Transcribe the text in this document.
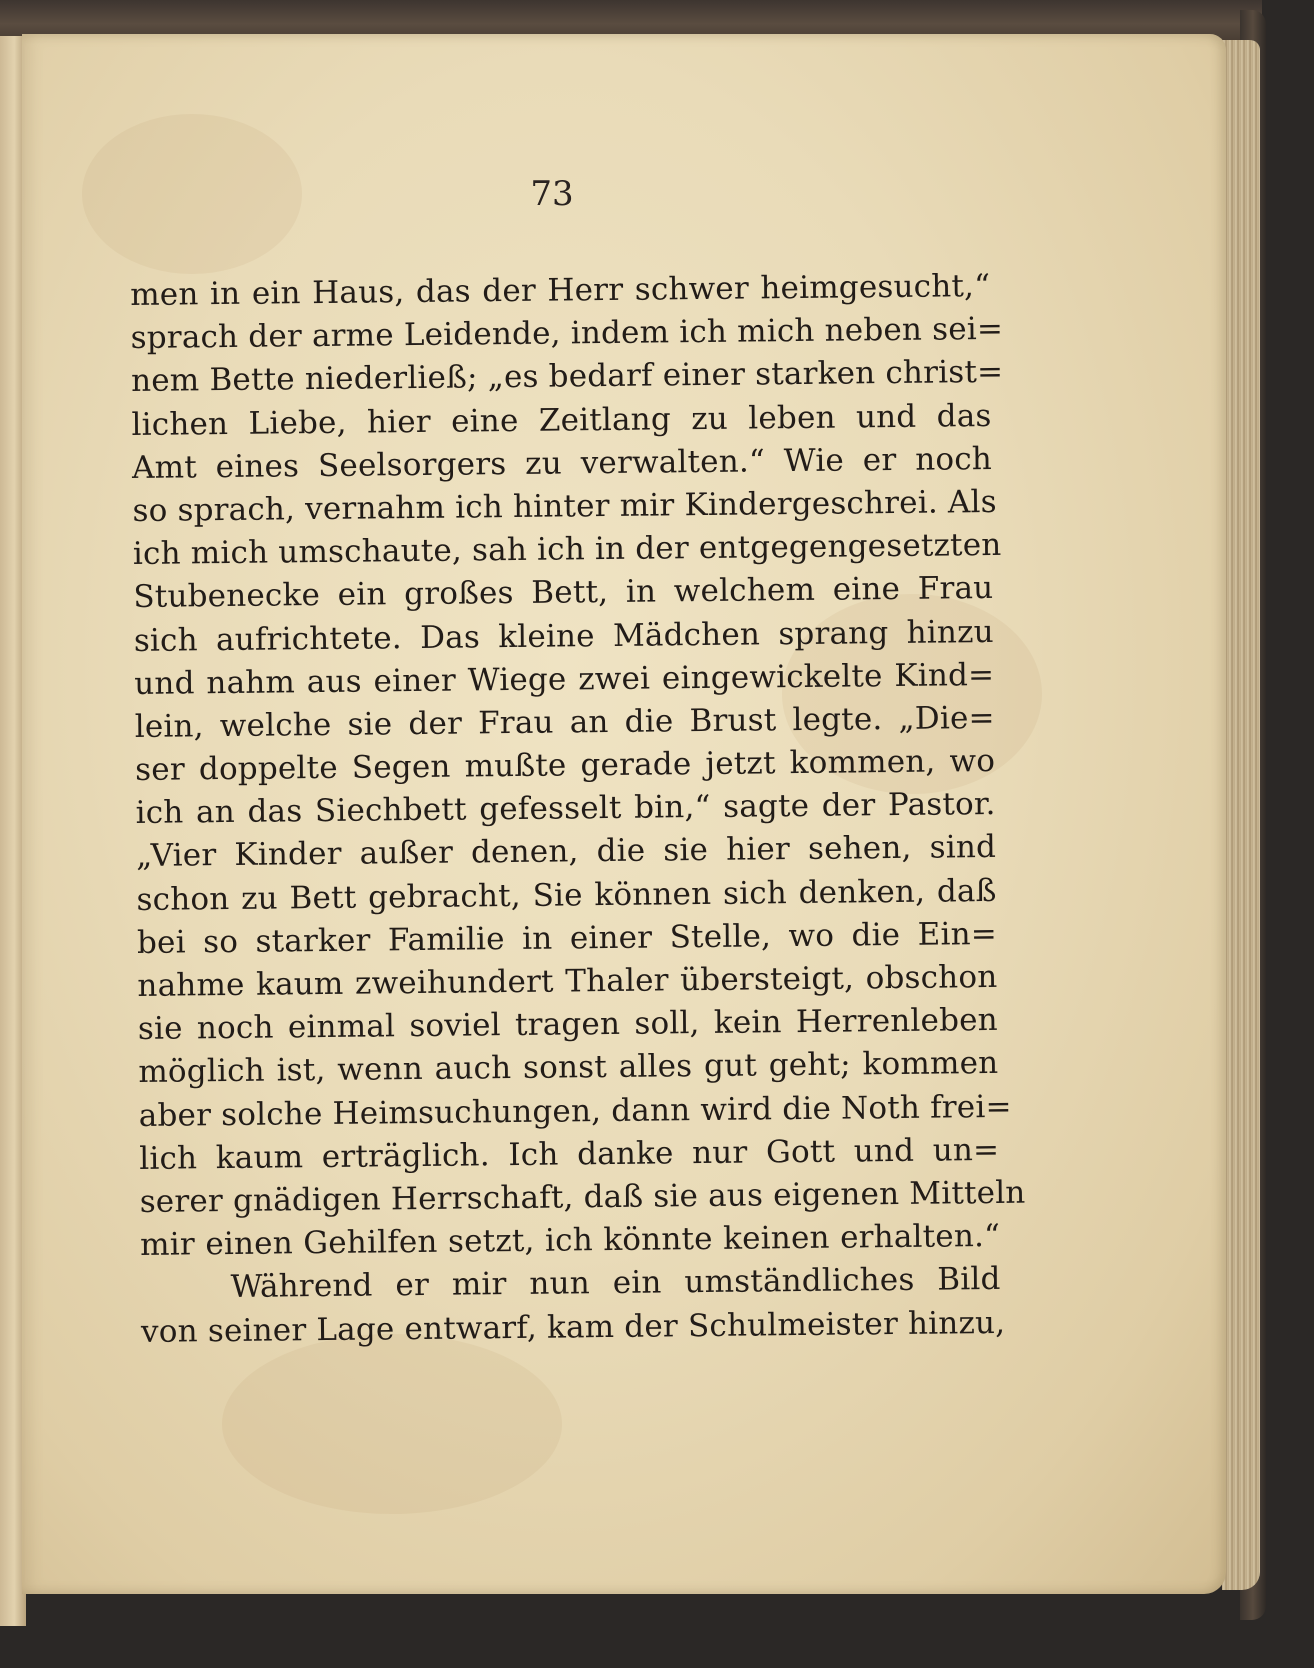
73
men in ein Haus, das der Herr schwer heimgesucht,“
sprach der arme Leidende, indem ich mich neben sei=
nem Bette niederließ; „es bedarf einer starken christ=
lichen Liebe, hier eine Zeitlang zu leben und das
Amt eines Seelsorgers zu verwalten.“ Wie er noch
so sprach, vernahm ich hinter mir Kindergeschrei. Als
ich mich umschaute, sah ich in der entgegengesetzten
Stubenecke ein großes Bett, in welchem eine Frau
sich aufrichtete. Das kleine Mädchen sprang hinzu
und nahm aus einer Wiege zwei eingewickelte Kind=
lein, welche sie der Frau an die Brust legte. „Die=
ser doppelte Segen mußte gerade jetzt kommen, wo
ich an das Siechbett gefesselt bin,“ sagte der Pastor.
„Vier Kinder außer denen, die sie hier sehen, sind
schon zu Bett gebracht, Sie können sich denken, daß
bei so starker Familie in einer Stelle, wo die Ein=
nahme kaum zweihundert Thaler übersteigt, obschon
sie noch einmal soviel tragen soll, kein Herrenleben
möglich ist, wenn auch sonst alles gut geht; kommen
aber solche Heimsuchungen, dann wird die Noth frei=
lich kaum erträglich. Ich danke nur Gott und un=
serer gnädigen Herrschaft, daß sie aus eigenen Mitteln
mir einen Gehilfen setzt, ich könnte keinen erhalten.“
Während er mir nun ein umständliches Bild
von seiner Lage entwarf, kam der Schulmeister hinzu,
